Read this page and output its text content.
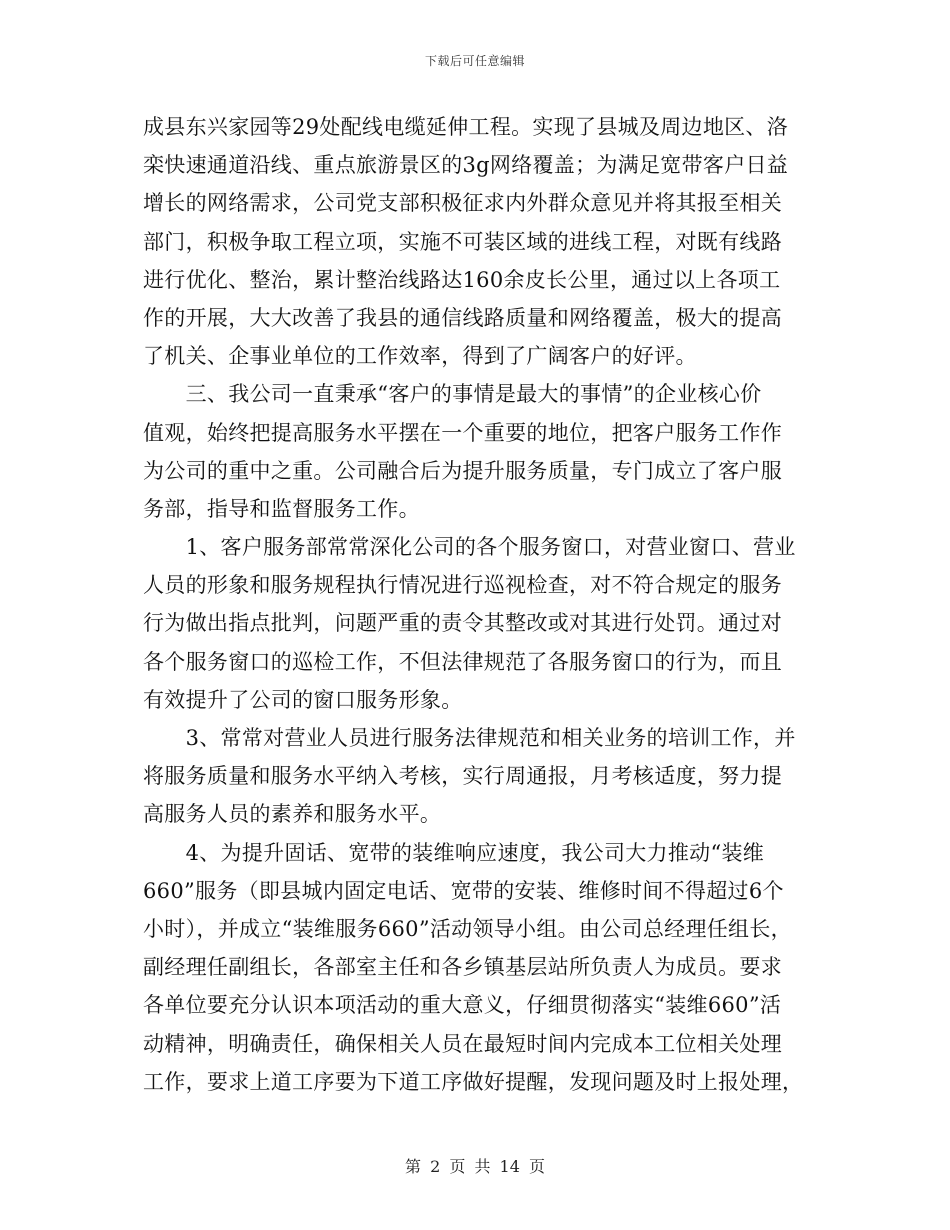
下载后可任意编辑
成县东兴家园等29处配线电缆延伸工程。实现了县城及周边地区、洛
栾快速通道沿线、重点旅游景区的3g网络覆盖；为满足宽带客户日益
增长的网络需求，公司党支部积极征求内外群众意见并将其报至相关
部门，积极争取工程立项，实施不可装区域的进线工程，对既有线路
进行优化、整治，累计整治线路达160余皮长公里，通过以上各项工
作的开展，大大改善了我县的通信线路质量和网络覆盖，极大的提高
了机关、企事业单位的工作效率，得到了广阔客户的好评。
　　三、我公司一直秉承“客户的事情是最大的事情”的企业核心价
值观，始终把提高服务水平摆在一个重要的地位，把客户服务工作作
为公司的重中之重。公司融合后为提升服务质量，专门成立了客户服
务部，指导和监督服务工作。
　　1、客户服务部常常深化公司的各个服务窗口，对营业窗口、营业
人员的形象和服务规程执行情况进行巡视检查，对不符合规定的服务
行为做出指点批判，问题严重的责令其整改或对其进行处罚。通过对
各个服务窗口的巡检工作，不但法律规范了各服务窗口的行为，而且
有效提升了公司的窗口服务形象。
　　3、常常对营业人员进行服务法律规范和相关业务的培训工作，并
将服务质量和服务水平纳入考核，实行周通报，月考核适度，努力提
高服务人员的素养和服务水平。
　　4、为提升固话、宽带的装维响应速度，我公司大力推动“装维
660”服务（即县城内固定电话、宽带的安装、维修时间不得超过6个
小时），并成立“装维服务660”活动领导小组。由公司总经理任组长，
副经理任副组长，各部室主任和各乡镇基层站所负责人为成员。要求
各单位要充分认识本项活动的重大意义，仔细贯彻落实“装维660”活
动精神，明确责任，确保相关人员在最短时间内完成本工位相关处理
工作，要求上道工序要为下道工序做好提醒，发现问题及时上报处理，
第 2 页 共 14 页
